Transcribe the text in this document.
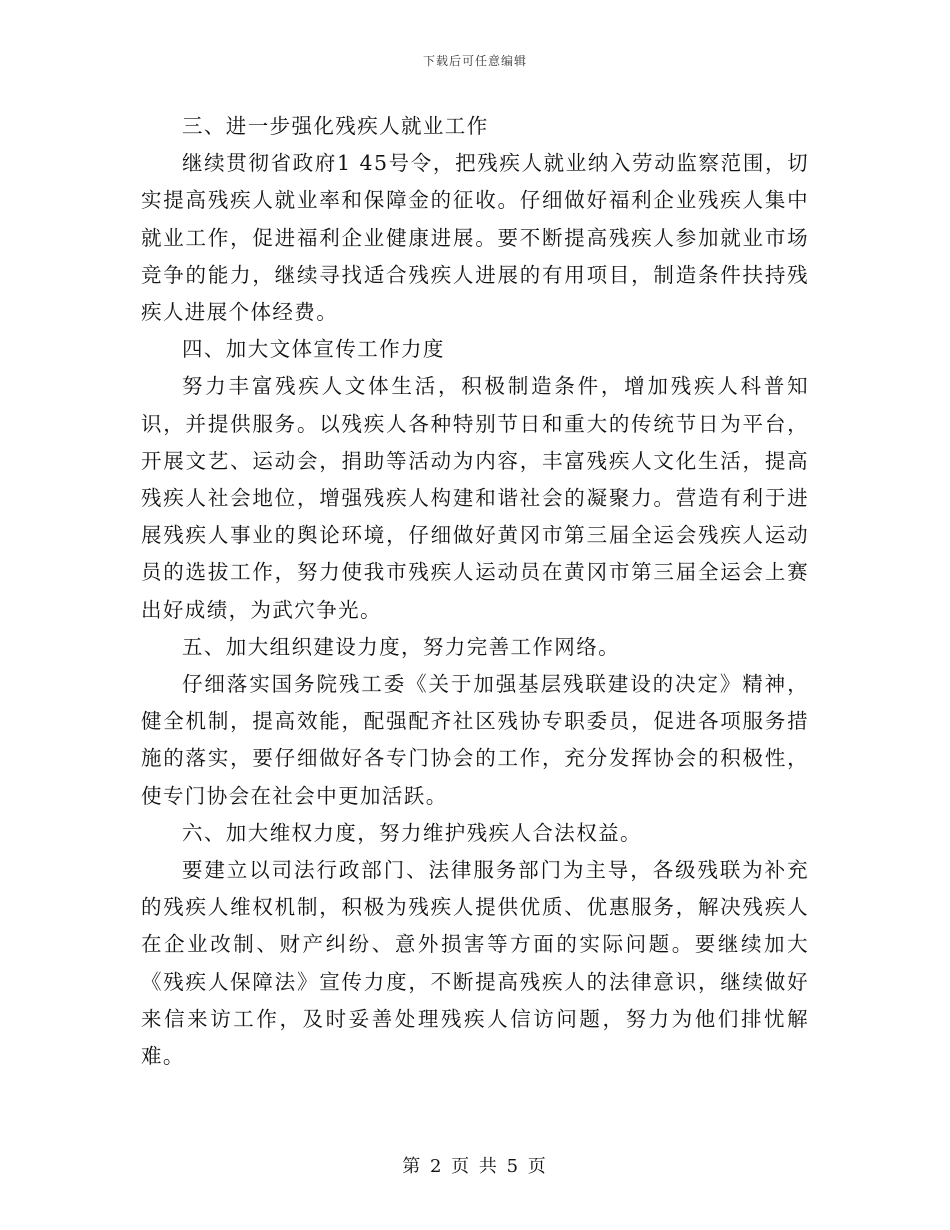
下载后可任意编辑

三、进一步强化残疾人就业工作

继续贯彻省政府1 45号令，把残疾人就业纳入劳动监察范围，切实提高残疾人就业率和保障金的征收。仔细做好福利企业残疾人集中就业工作，促进福利企业健康进展。要不断提高残疾人参加就业市场竞争的能力，继续寻找适合残疾人进展的有用项目，制造条件扶持残疾人进展个体经费。

四、加大文体宣传工作力度

努力丰富残疾人文体生活，积极制造条件，增加残疾人科普知识，并提供服务。以残疾人各种特别节日和重大的传统节日为平台，开展文艺、运动会，捐助等活动为内容，丰富残疾人文化生活，提高残疾人社会地位，增强残疾人构建和谐社会的凝聚力。营造有利于进展残疾人事业的舆论环境，仔细做好黄冈市第三届全运会残疾人运动员的选拔工作，努力使我市残疾人运动员在黄冈市第三届全运会上赛出好成绩，为武穴争光。

五、加大组织建设力度，努力完善工作网络。

仔细落实国务院残工委《关于加强基层残联建设的决定》精神，健全机制，提高效能，配强配齐社区残协专职委员，促进各项服务措施的落实，要仔细做好各专门协会的工作，充分发挥协会的积极性，使专门协会在社会中更加活跃。

六、加大维权力度，努力维护残疾人合法权益。

要建立以司法行政部门、法律服务部门为主导，各级残联为补充的残疾人维权机制，积极为残疾人提供优质、优惠服务，解决残疾人在企业改制、财产纠纷、意外损害等方面的实际问题。要继续加大《残疾人保障法》宣传力度，不断提高残疾人的法律意识，继续做好来信来访工作，及时妥善处理残疾人信访问题，努力为他们排忧解难。

第 2 页 共 5 页
